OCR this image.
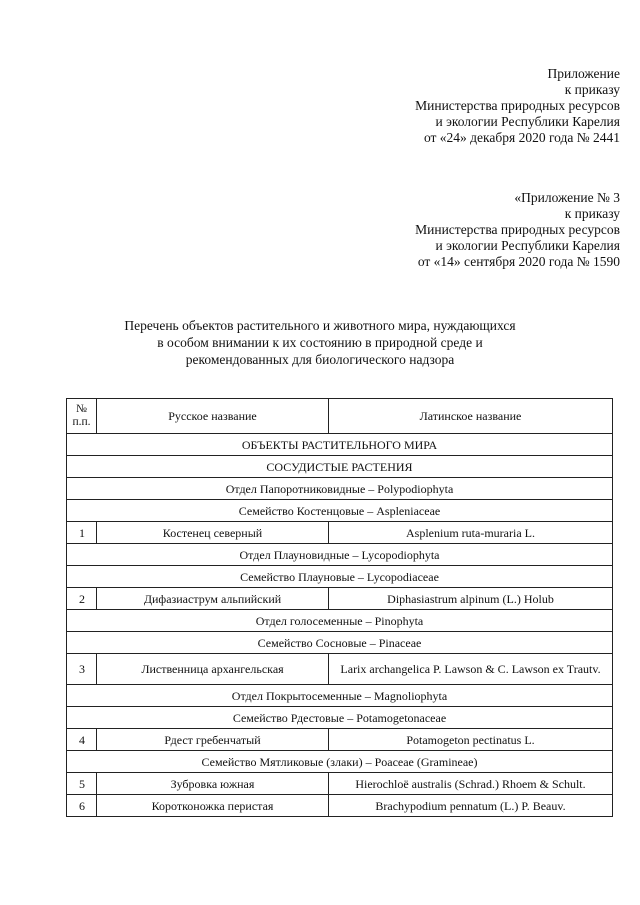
Приложение
к приказу
Министерства природных ресурсов
и экологии Республики Карелия
от «24» декабря 2020 года № 2441
«Приложение № 3
к приказу
Министерства природных ресурсов
и экологии Республики Карелия
от «14» сентября 2020 года № 1590
Перечень объектов растительного и животного мира, нуждающихся
в особом внимании к их состоянию в природной среде и
рекомендованных для биологического надзора
№ п.п.	Русское название	Латинское название
ОБЪЕКТЫ РАСТИТЕЛЬНОГО МИРА		
СОСУДИСТЫЕ РАСТЕНИЯ		
Отдел Папоротниковидные – Polypodiophyta		
Семейство Костенцовые – Aspleniaceae		
1	Костенец северный	Asplenium ruta-muraria L.
Отдел Плауновидные – Lycopodiophyta		
Семейство Плауновые – Lycopodiaceae		
2	Дифазиаструм альпийский	Diphasiastrum alpinum (L.) Holub
Отдел голосеменные – Pinophyta		
Семейство Сосновые – Pinaceae		
3	Лиственница архангельская	Larix archangelica P. Lawson & C. Lawson ex Trautv.
Отдел Покрытосеменные – Magnoliophyta		
Семейство Рдестовые – Potamogetonaceae		
4	Рдест гребенчатый	Potamogeton pectinatus L.
Семейство Мятликовые (злаки) – Poaceae (Gramineae)		
5	Зубровка южная	Hierochloë australis (Schrad.) Rhoem & Schult.
6	Коротконожка перистая	Brachypodium pennatum (L.) P. Beauv.
